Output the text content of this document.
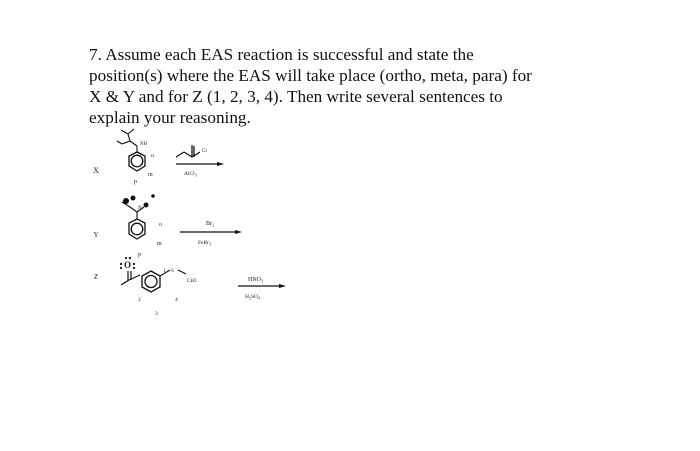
7. Assume each EAS reaction is successful and state the
position(s) where the EAS will take place (ortho, meta, para) for
X & Y and for Z (1, 2, 3, 4). Then write several sentences to
explain your reasoning.
X
NH
o
m
p
Cl
AlCl$_3$
Y
N
o
m
p
$Br_2$
FeBr$_3$
Z
O
S
CH3
1
2
3
4
$HNO_3$
$H_2SO_4$
